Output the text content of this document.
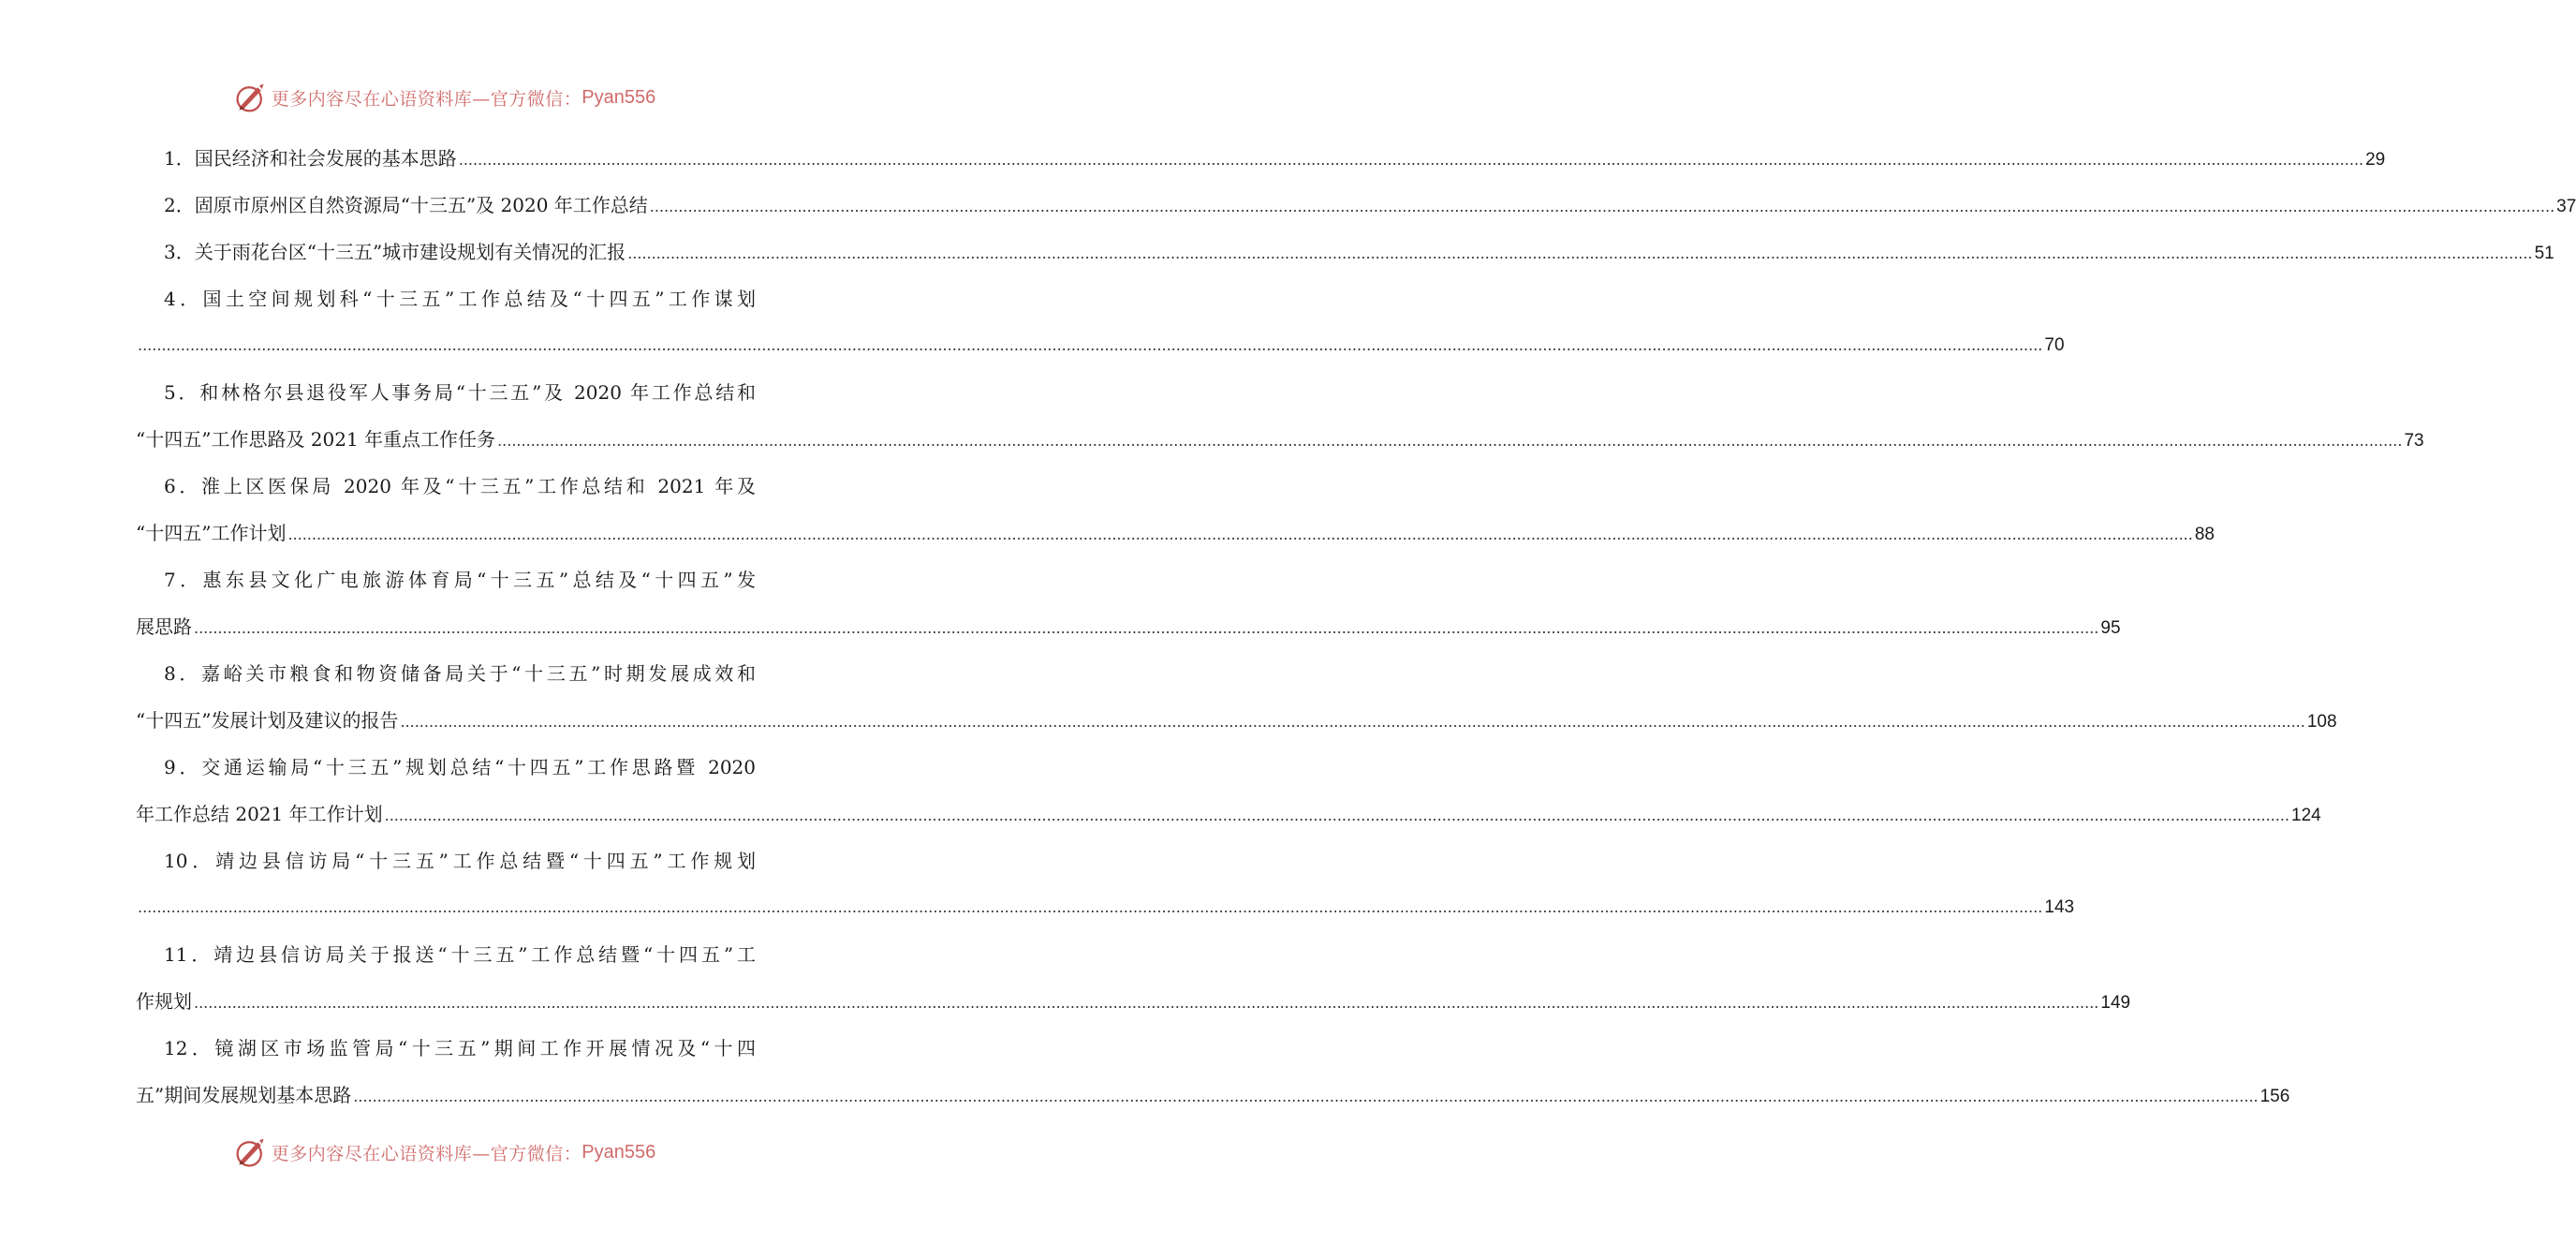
更多内容尽在心语资料库—官方微信： Pyan556
1．国民经济和社会发展的基本思路 ................................................................................................................................................................................................................................................................................................................................................................................................................ 29
2．固原市原州区自然资源局“十三五”及 2020 年工作总结 ................................................................................................................................................................................................................................................................................................................................................................................................................ 37
3．关于雨花台区“十三五”城市建设规划有关情况的汇报 ................................................................................................................................................................................................................................................................................................................................................................................................................ 51
4．国土空间规划科“十三五”工作总结及“十四五”工作谋划
................................................................................................................................................................................................................................................................................................................................................................................................................ 70
5．和林格尔县退役军人事务局“十三五”及 2020 年工作总结和
“十四五”工作思路及 2021 年重点工作任务 ................................................................................................................................................................................................................................................................................................................................................................................................................ 73
6．淮上区医保局 2020 年及“十三五”工作总结和 2021 年及
“十四五”工作计划 ................................................................................................................................................................................................................................................................................................................................................................................................................ 88
7．惠东县文化广电旅游体育局“十三五”总结及“十四五”发
展思路 ................................................................................................................................................................................................................................................................................................................................................................................................................ 95
8．嘉峪关市粮食和物资储备局关于“十三五”时期发展成效和
“十四五”发展计划及建议的报告 ................................................................................................................................................................................................................................................................................................................................................................................................................ 108
9．交通运输局“十三五”规划总结“十四五”工作思路暨 2020
年工作总结 2021 年工作计划 ................................................................................................................................................................................................................................................................................................................................................................................................................ 124
10．靖边县信访局“十三五”工作总结暨“十四五”工作规划
................................................................................................................................................................................................................................................................................................................................................................................................................ 143
11．靖边县信访局关于报送“十三五”工作总结暨“十四五”工
作规划 ................................................................................................................................................................................................................................................................................................................................................................................................................ 149
12．镜湖区市场监管局“十三五”期间工作开展情况及“十四
五”期间发展规划基本思路 ................................................................................................................................................................................................................................................................................................................................................................................................................ 156
更多内容尽在心语资料库—官方微信： Pyan556
